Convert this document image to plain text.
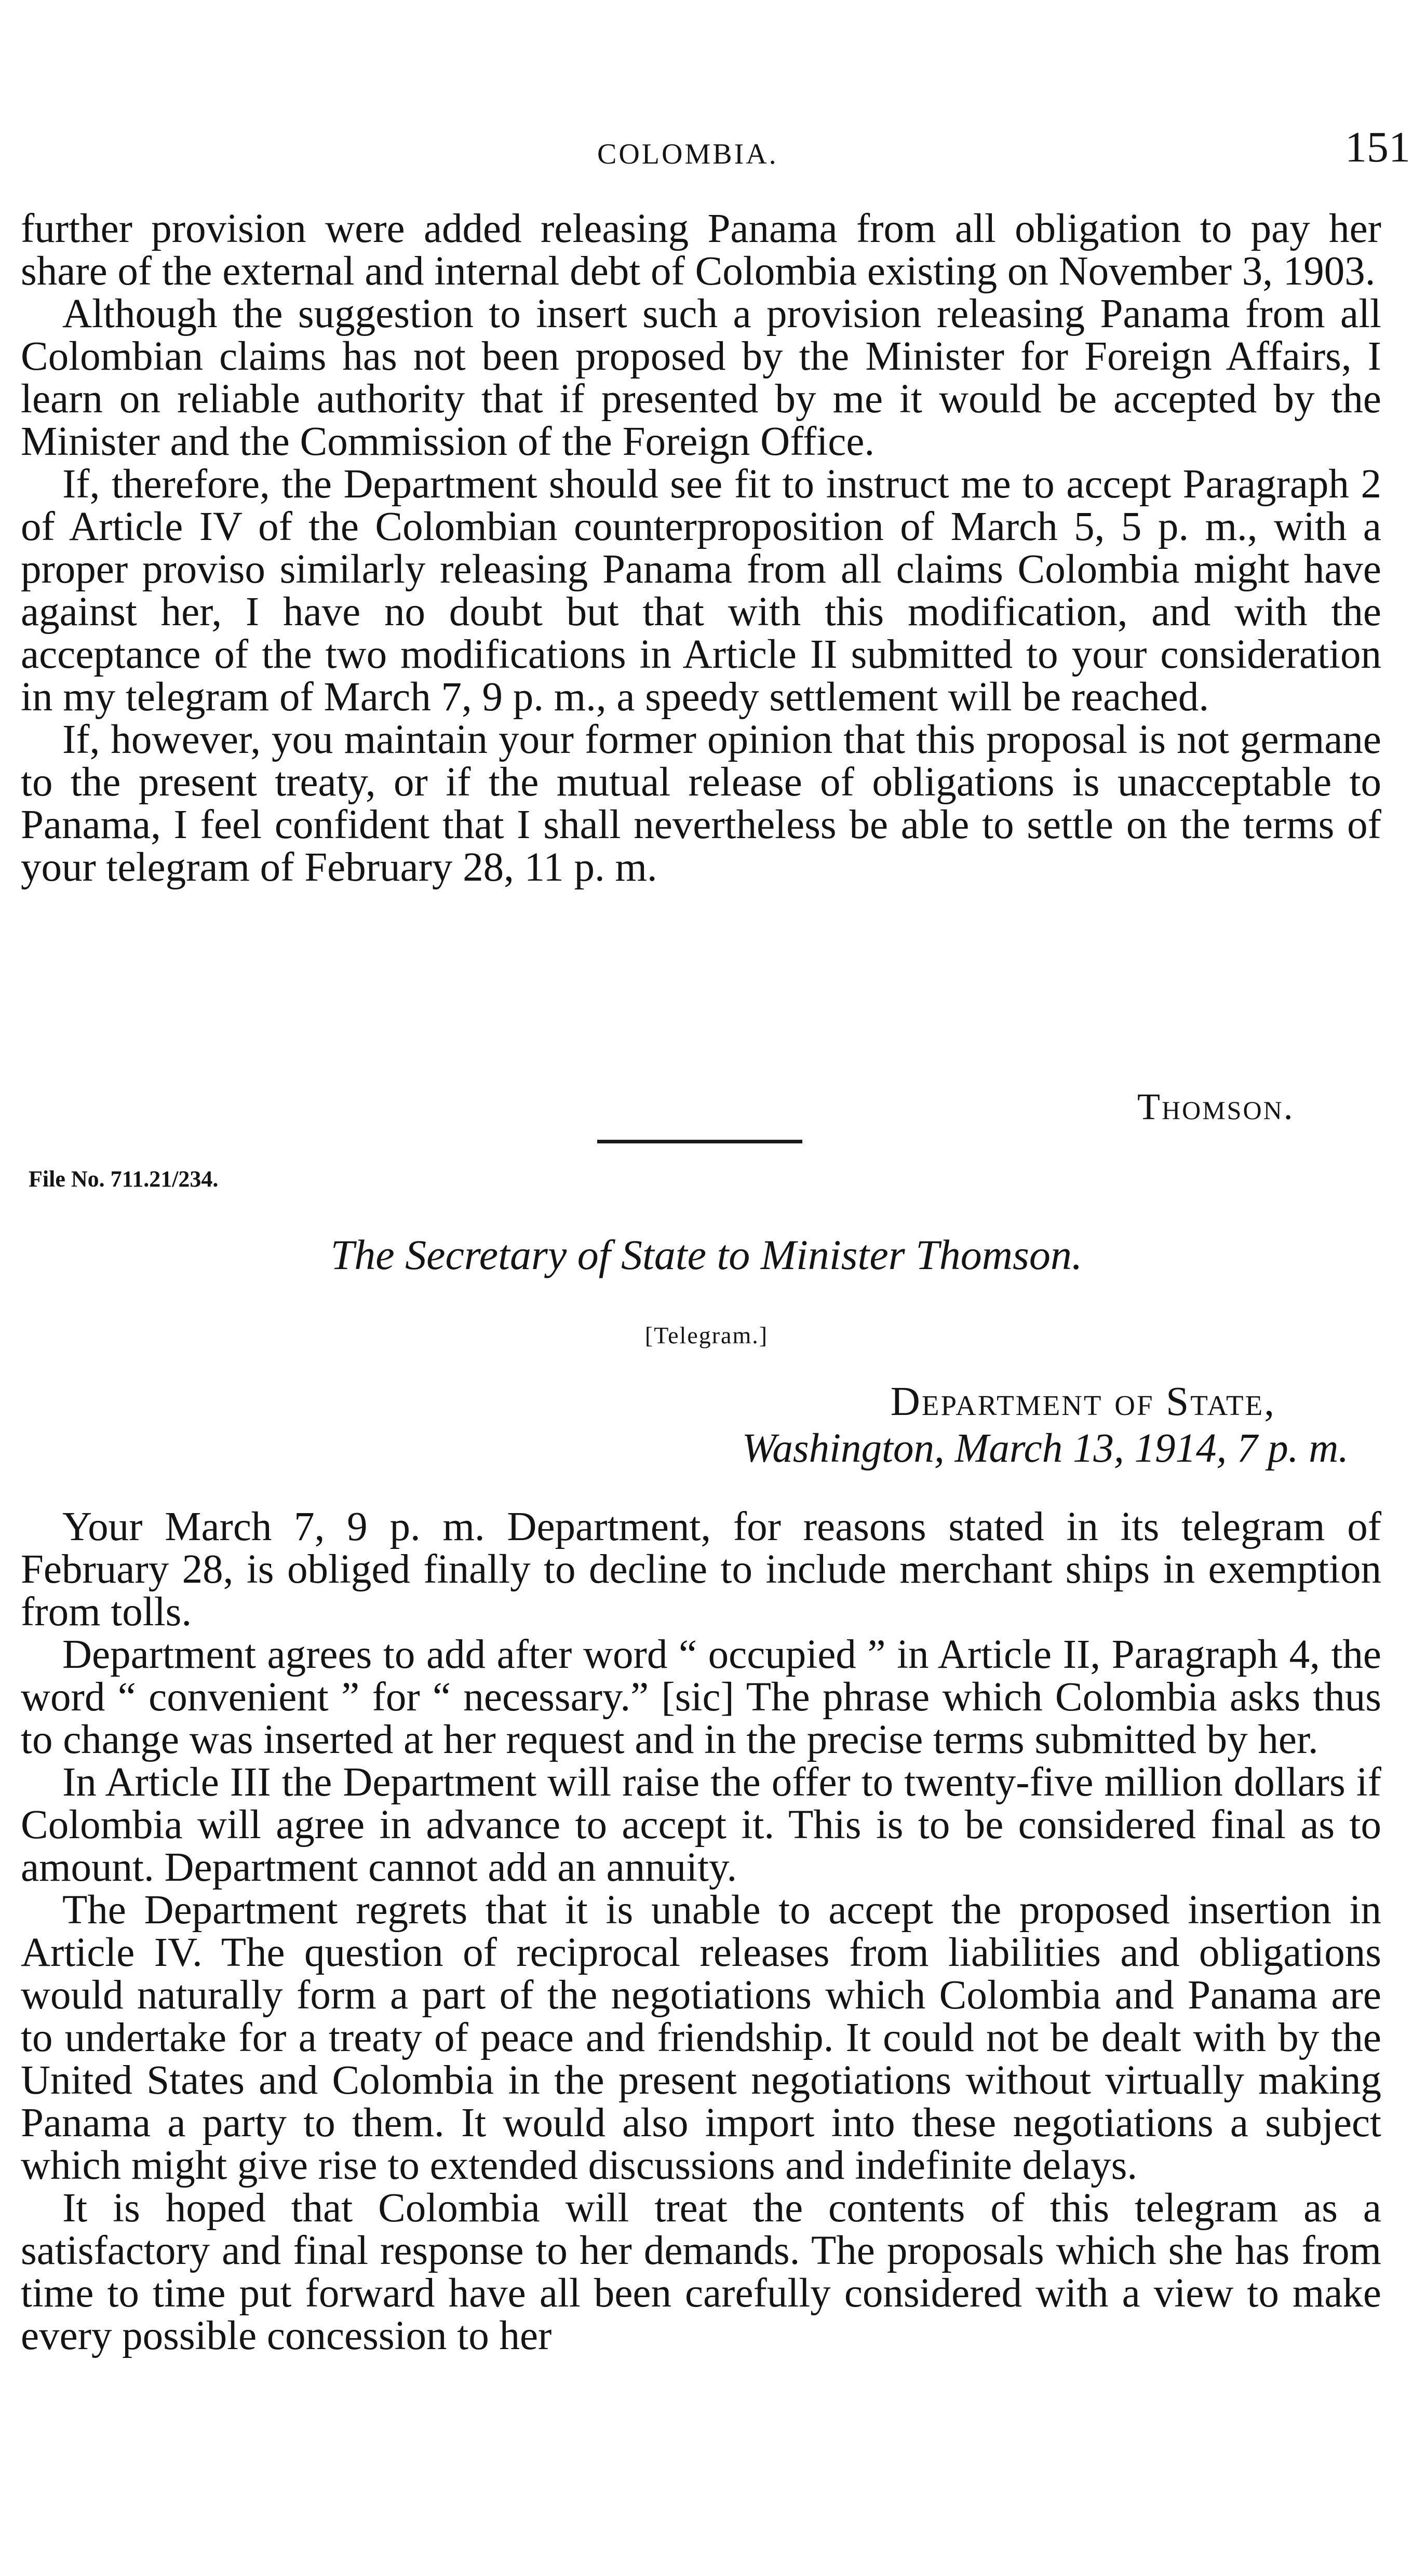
COLOMBIA.	151

further provision were added releasing Panama from all obligation to pay her share of the external and internal debt of Colombia existing on November 3, 1903.

Although the suggestion to insert such a provision releasing Panama from all Colombian claims has not been proposed by the Minister for Foreign Affairs, I learn on reliable authority that if presented by me it would be accepted by the Minister and the Commission of the Foreign Office.

If, therefore, the Department should see fit to instruct me to accept Paragraph 2 of Article IV of the Colombian counterproposition of March 5, 5 p. m., with a proper proviso similarly releasing Panama from all claims Colombia might have against her, I have no doubt but that with this modification, and with the acceptance of the two modifications in Article II submitted to your consideration in my telegram of March 7, 9 p. m., a speedy settlement will be reached.

If, however, you maintain your former opinion that this proposal is not germane to the present treaty, or if the mutual release of obligations is unacceptable to Panama, I feel confident that I shall nevertheless be able to settle on the terms of your telegram of February 28, 11 p. m.

Thomson.
File No. 711.21/234.
The Secretary of State to Minister Thomson.
[Telegram.]
Department of State,
Washington, March 13, 1914, 7 p. m.

Your March 7, 9 p. m. Department, for reasons stated in its telegram of February 28, is obliged finally to decline to include merchant ships in exemption from tolls.

Department agrees to add after word “ occupied ” in Article II, Paragraph 4, the word “ convenient ” for “ necessary.” [sic] The phrase which Colombia asks thus to change was inserted at her request and in the precise terms submitted by her.

In Article III the Department will raise the offer to twenty-five million dollars if Colombia will agree in advance to accept it. This is to be considered final as to amount. Department cannot add an annuity.

The Department regrets that it is unable to accept the proposed insertion in Article IV. The question of reciprocal releases from liabilities and obligations would naturally form a part of the negotiations which Colombia and Panama are to undertake for a treaty of peace and friendship. It could not be dealt with by the United States and Colombia in the present negotiations without virtually making Panama a party to them. It would also import into these negotiations a subject which might give rise to extended discussions and indefinite delays.

It is hoped that Colombia will treat the contents of this telegram as a satisfactory and final response to her demands. The proposals which she has from time to time put forward have all been carefully considered with a view to make every possible concession to her
